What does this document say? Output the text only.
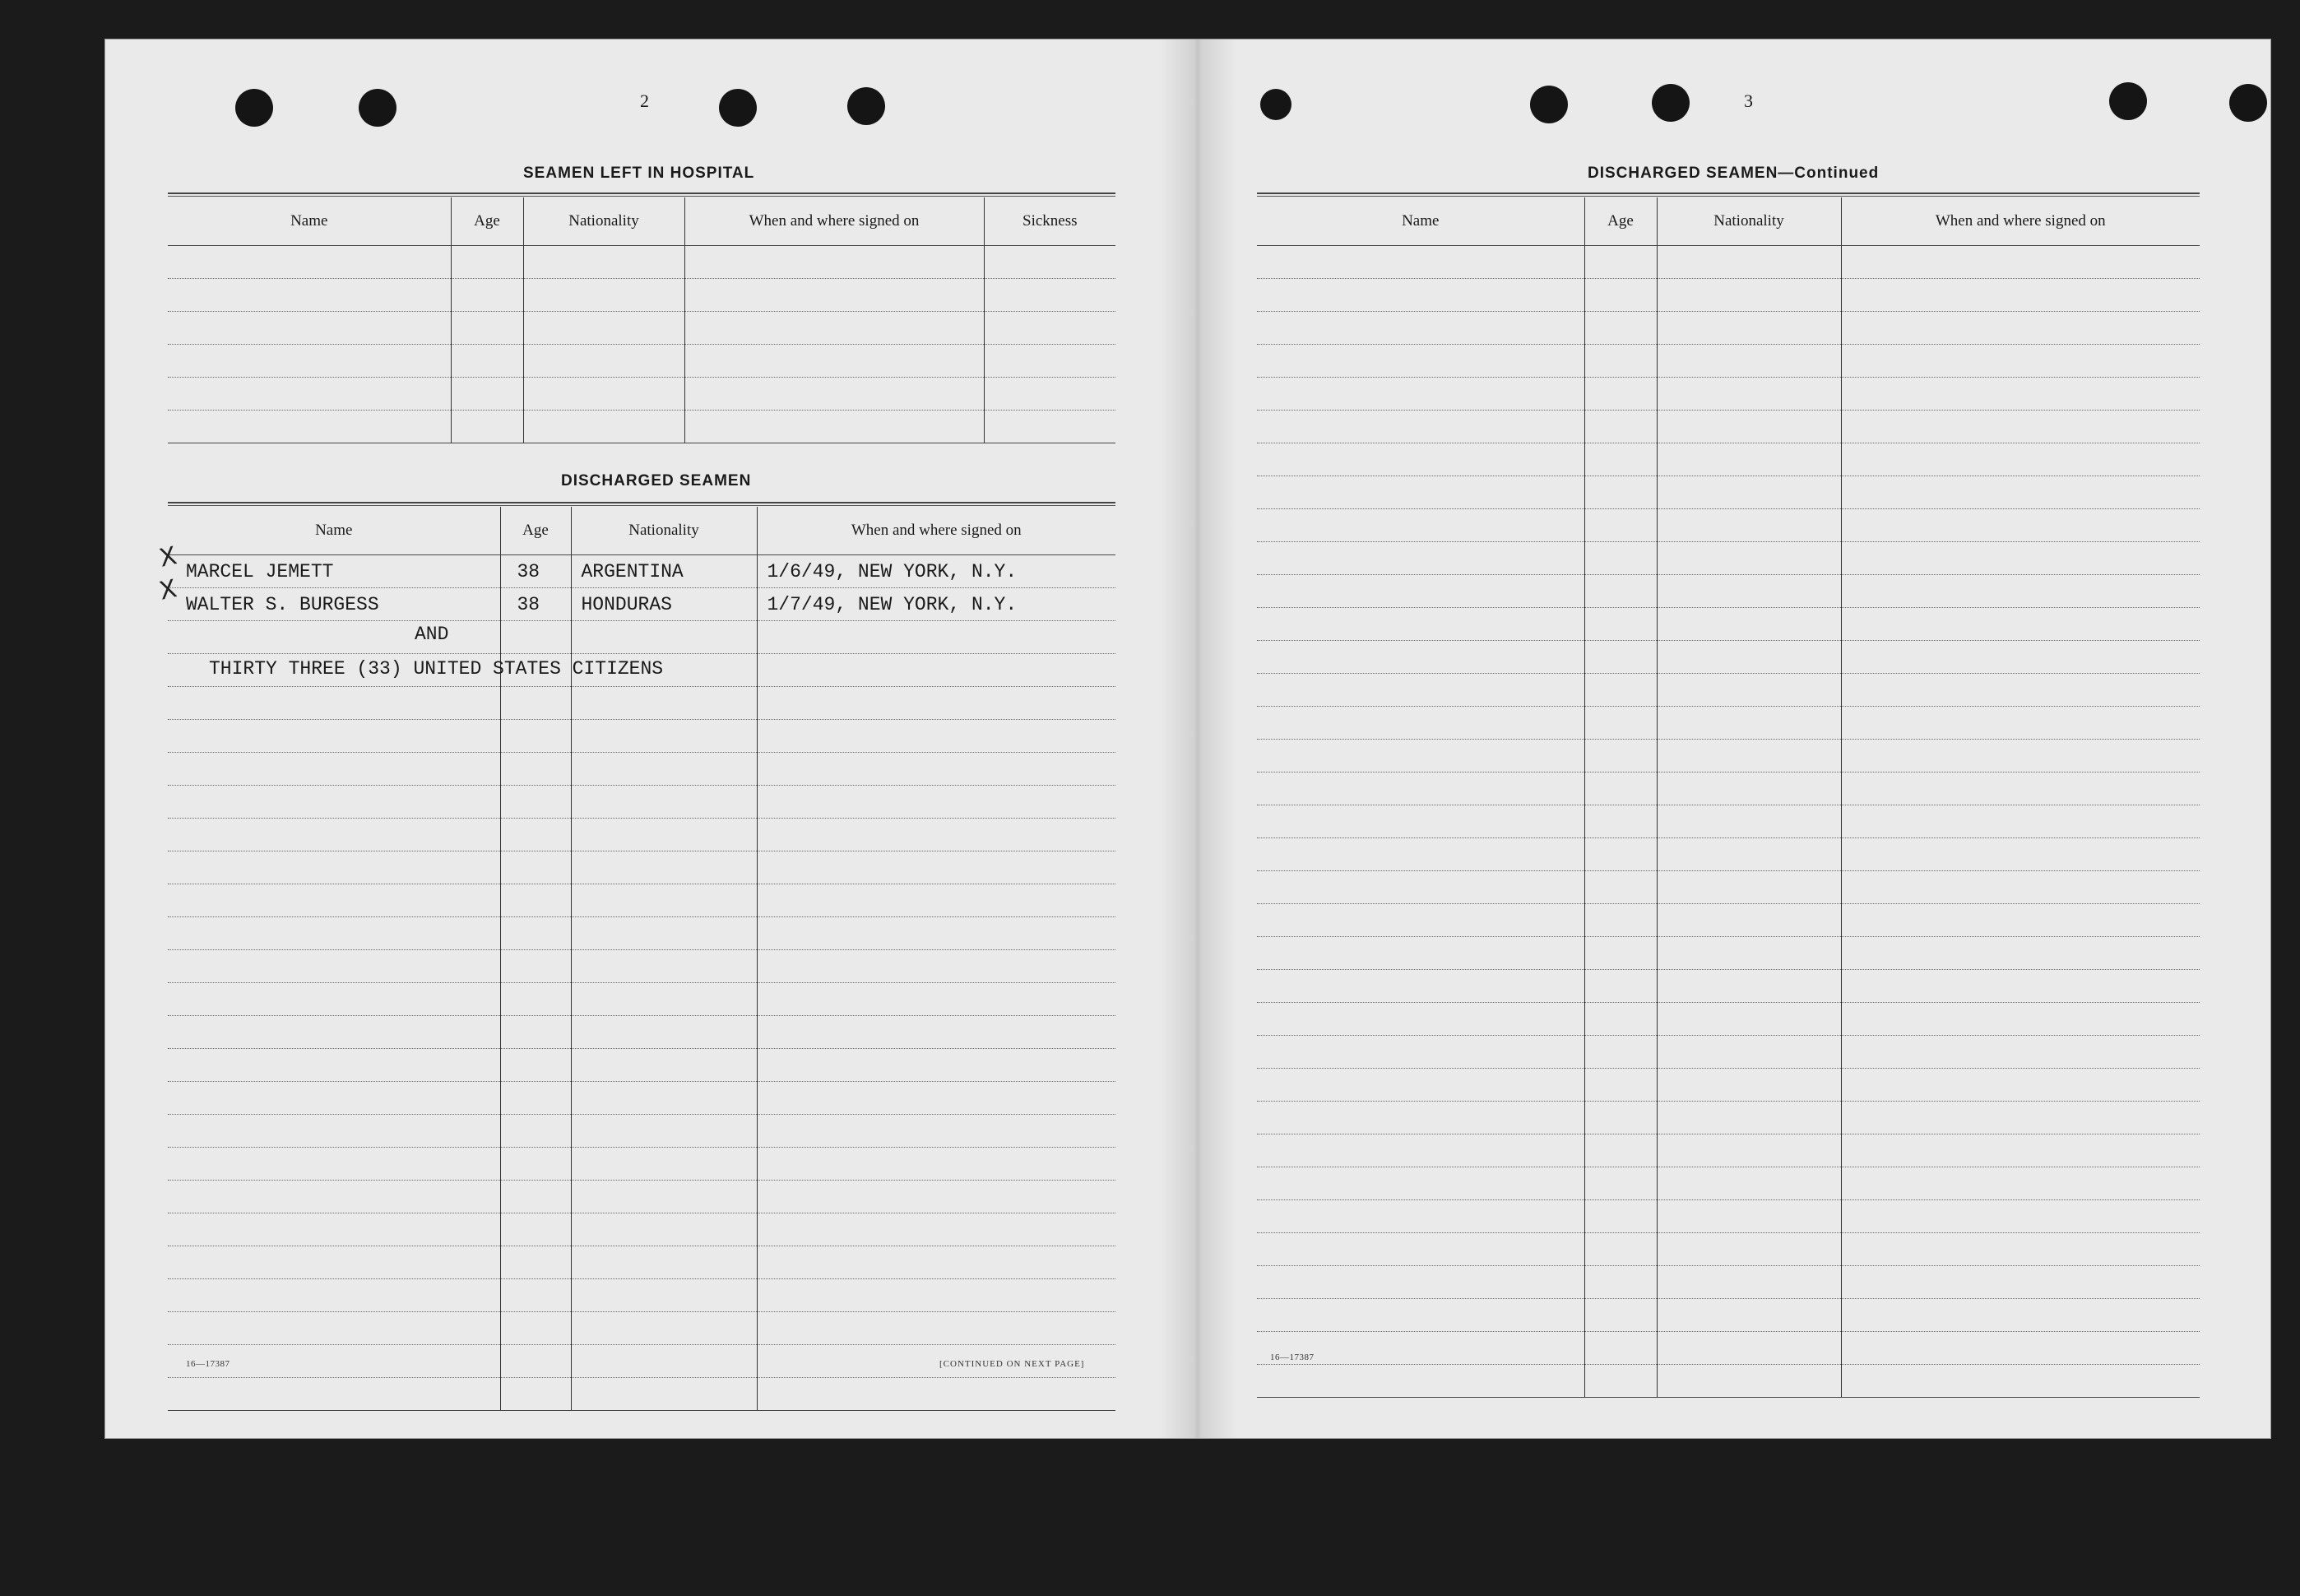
2
SEAMEN LEFT IN HOSPITAL
Name	Age	Nationality	When and where signed on	Sickness

DISCHARGED SEAMEN
Name	Age	Nationality	When and where signed on
MARCEL JEMETT	38	ARGENTINA	1/6/49, NEW YORK, N.Y.
WALTER S. BURGESS	38	HONDURAS	1/7/49, NEW YORK, N.Y.

X
X
AND
THIRTY THREE (33) UNITED STATES CITIZENS
16—17387	[CONTINUED ON NEXT PAGE]
3
DISCHARGED SEAMEN—Continued
Name	Age	Nationality	When and where signed on

16—17387
